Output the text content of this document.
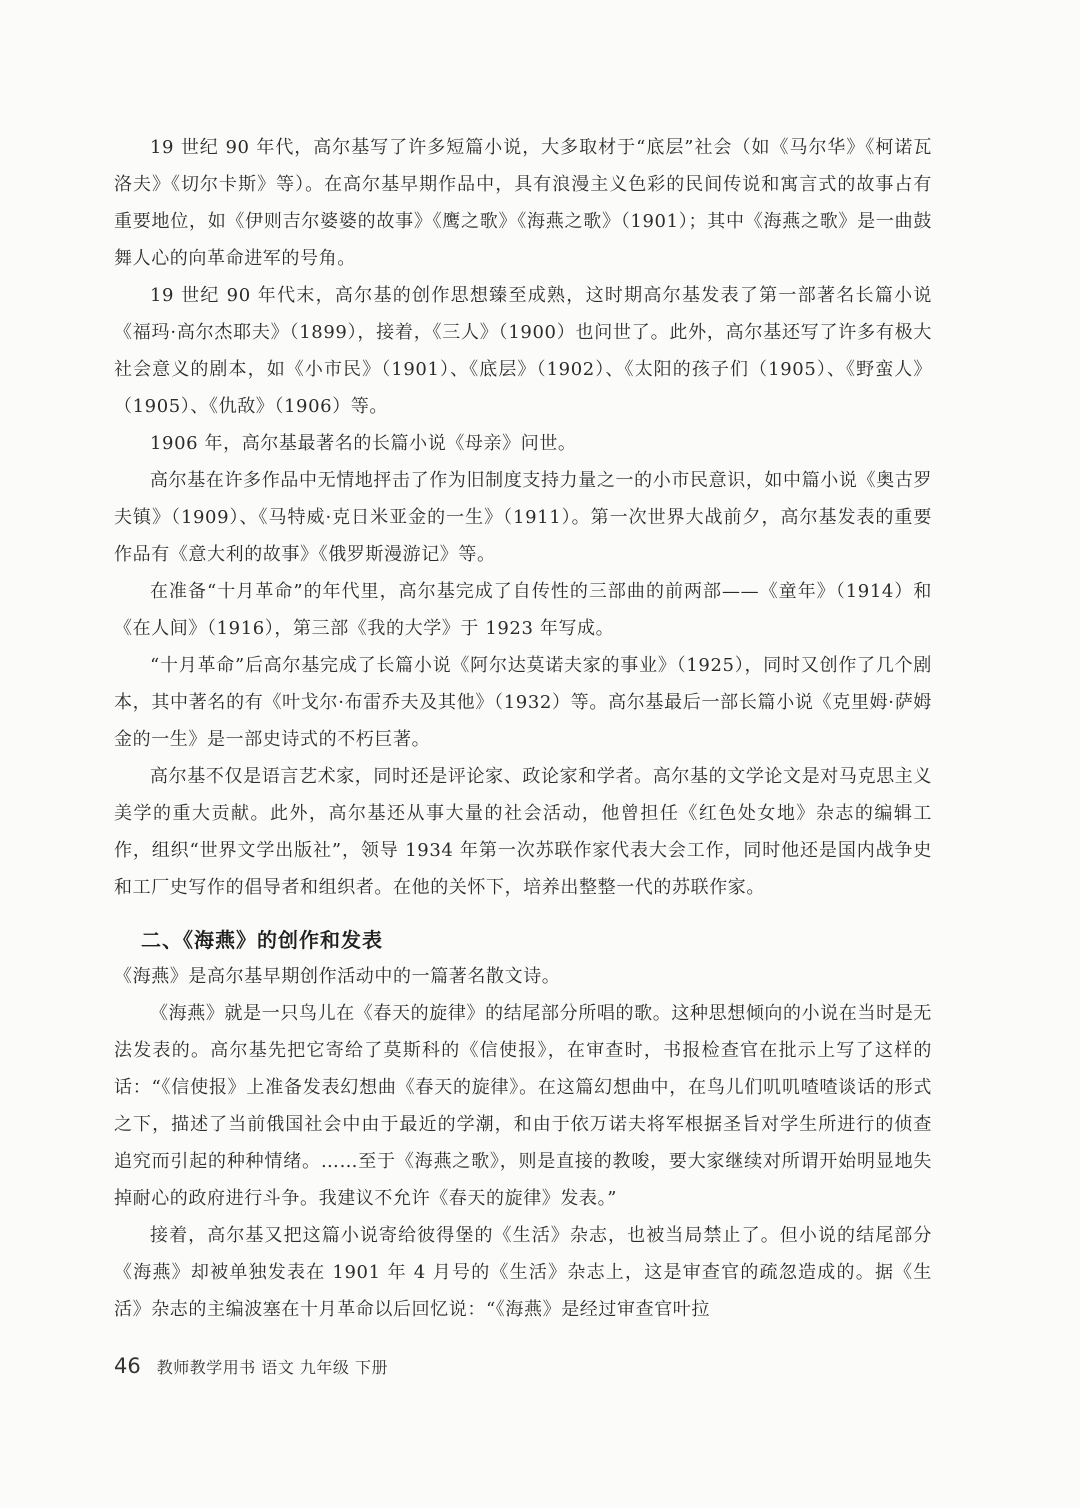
19 世纪 90 年代，高尔基写了许多短篇小说，大多取材于“底层”社会（如《马尔华》《柯诺瓦洛夫》《切尔卡斯》等）。在高尔基早期作品中，具有浪漫主义色彩的民间传说和寓言式的故事占有重要地位，如《伊则吉尔婆婆的故事》《鹰之歌》《海燕之歌》（1901）；其中《海燕之歌》是一曲鼓舞人心的向革命进军的号角。

19 世纪 90 年代末，高尔基的创作思想臻至成熟，这时期高尔基发表了第一部著名长篇小说《福玛·高尔杰耶夫》（1899），接着，《三人》（1900）也问世了。此外，高尔基还写了许多有极大社会意义的剧本，如《小市民》（1901）、《底层》（1902）、《太阳的孩子们（1905）、《野蛮人》（1905）、《仇敌》（1906）等。

1906 年，高尔基最著名的长篇小说《母亲》问世。

高尔基在许多作品中无情地抨击了作为旧制度支持力量之一的小市民意识，如中篇小说《奥古罗夫镇》（1909）、《马特威·克日米亚金的一生》（1911）。第一次世界大战前夕，高尔基发表的重要作品有《意大利的故事》《俄罗斯漫游记》等。

在准备“十月革命”的年代里，高尔基完成了自传性的三部曲的前两部——《童年》（1914）和《在人间》（1916），第三部《我的大学》于 1923 年写成。

“十月革命”后高尔基完成了长篇小说《阿尔达莫诺夫家的事业》（1925），同时又创作了几个剧本，其中著名的有《叶戈尔·布雷乔夫及其他》（1932）等。高尔基最后一部长篇小说《克里姆·萨姆金的一生》是一部史诗式的不朽巨著。

高尔基不仅是语言艺术家，同时还是评论家、政论家和学者。高尔基的文学论文是对马克思主义美学的重大贡献。此外，高尔基还从事大量的社会活动，他曾担任《红色处女地》杂志的编辑工作，组织“世界文学出版社”，领导 1934 年第一次苏联作家代表大会工作，同时他还是国内战争史和工厂史写作的倡导者和组织者。在他的关怀下，培养出整整一代的苏联作家。

二、《海燕》的创作和发表

《海燕》是高尔基早期创作活动中的一篇著名散文诗。

《海燕》就是一只鸟儿在《春天的旋律》的结尾部分所唱的歌。这种思想倾向的小说在当时是无法发表的。高尔基先把它寄给了莫斯科的《信使报》，在审查时，书报检查官在批示上写了这样的话：“《信使报》上准备发表幻想曲《春天的旋律》。在这篇幻想曲中，在鸟儿们叽叽喳喳谈话的形式之下，描述了当前俄国社会中由于最近的学潮，和由于依万诺夫将军根据圣旨对学生所进行的侦查追究而引起的种种情绪。……至于《海燕之歌》，则是直接的教唆，要大家继续对所谓开始明显地失掉耐心的政府进行斗争。我建议不允许《春天的旋律》发表。”

接着，高尔基又把这篇小说寄给彼得堡的《生活》杂志，也被当局禁止了。但小说的结尾部分《海燕》却被单独发表在 1901 年 4 月号的《生活》杂志上，这是审查官的疏忽造成的。据《生活》杂志的主编波塞在十月革命以后回忆说：“《海燕》是经过审查官叶拉

46 教师教学用书 语文 九年级 下册
